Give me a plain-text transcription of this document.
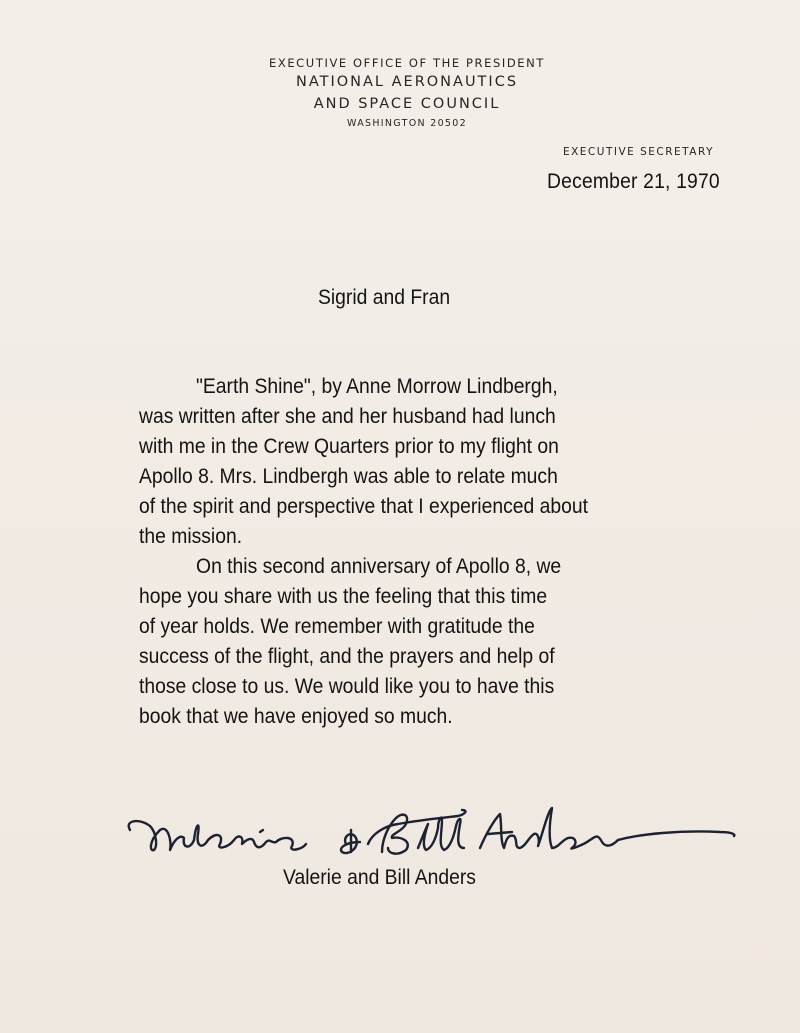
EXECUTIVE OFFICE OF THE PRESIDENT
NATIONAL AERONAUTICS
AND SPACE COUNCIL
WASHINGTON 20502
EXECUTIVE SECRETARY
December 21, 1970
Sigrid and Fran
"Earth Shine", by Anne Morrow Lindbergh,
was written after she and her husband had lunch
with me in the Crew Quarters prior to my flight on
Apollo 8. Mrs. Lindbergh was able to relate much
of the spirit and perspective that I experienced about
the mission.
On this second anniversary of Apollo 8, we
hope you share with us the feeling that this time
of year holds. We remember with gratitude the
success of the flight, and the prayers and help of
those close to us. We would like you to have this
book that we have enjoyed so much.
Valerie and Bill Anders
